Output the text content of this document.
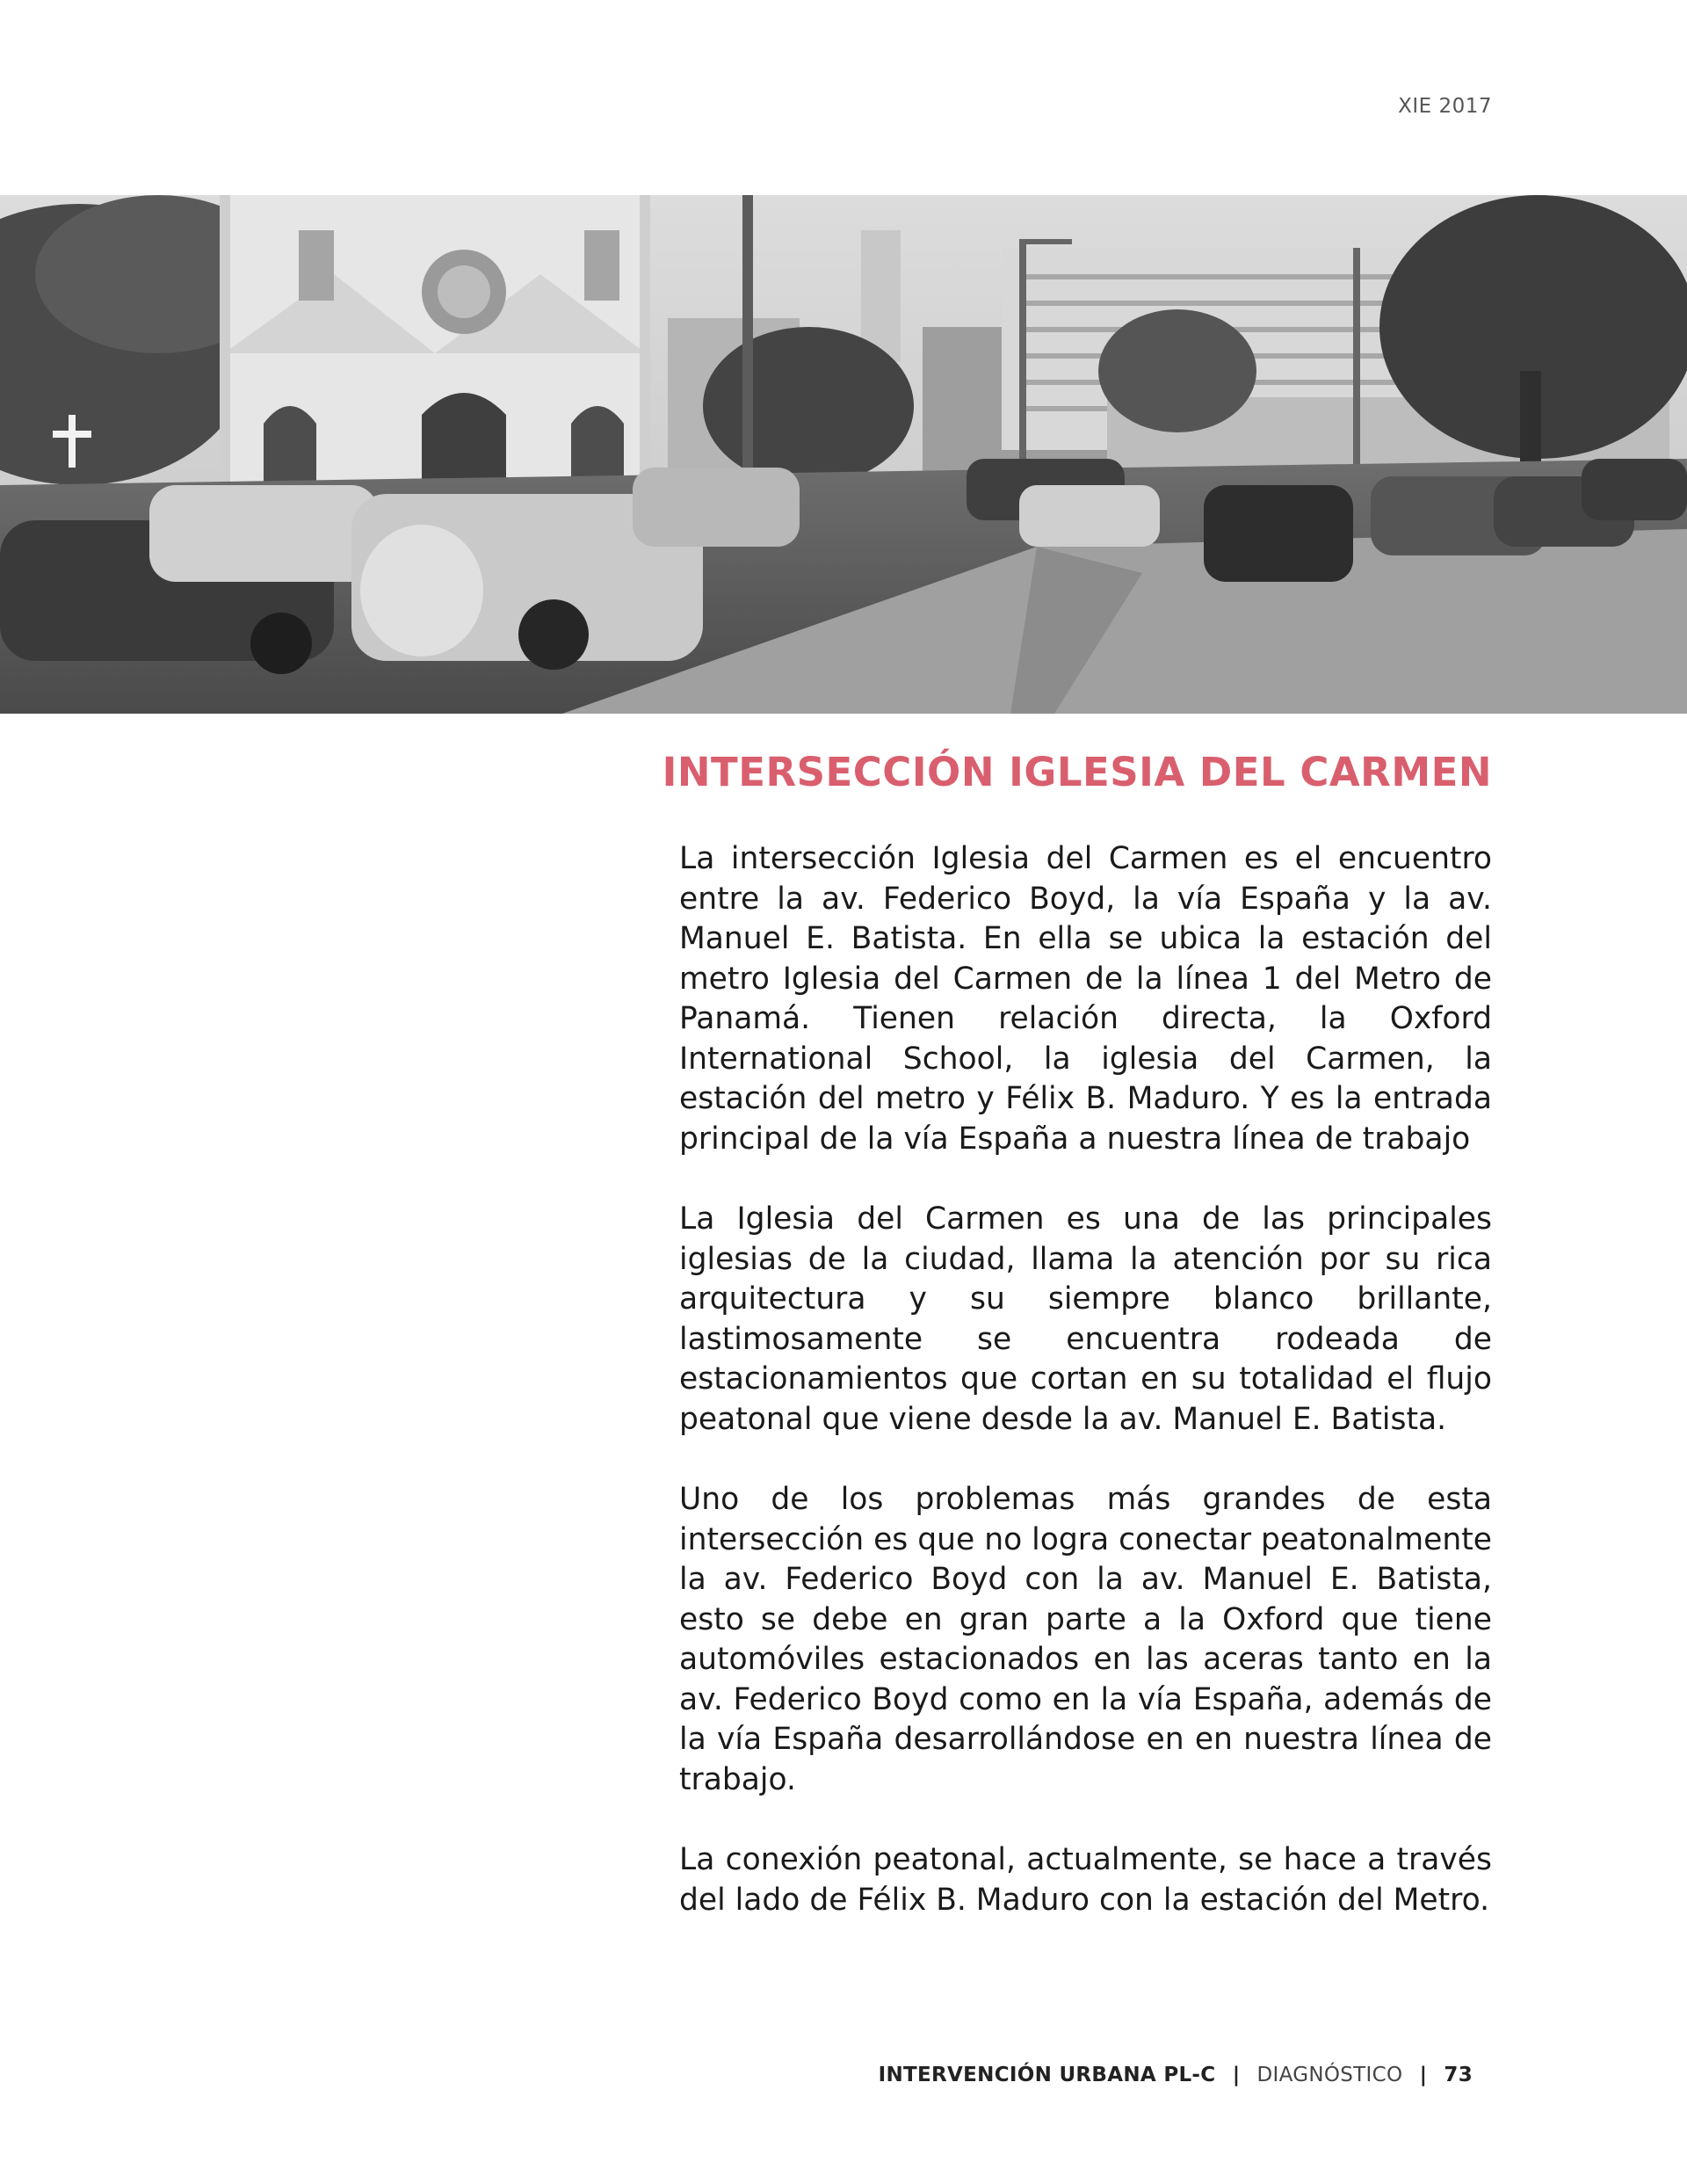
XIE 2017
INTERSECCIÓN IGLESIA DEL CARMEN

La intersección Iglesia del Carmen es el encuentro entre la av. Federico Boyd, la vía España y la av. Manuel E. Batista. En ella se ubica la estación del metro Iglesia del Carmen de la línea 1 del Metro de Panamá. Tienen relación directa, la Oxford International School, la iglesia del Carmen, la estación del metro y Félix B. Maduro. Y es la entrada principal de la vía España a nuestra línea de trabajo

La Iglesia del Carmen es una de las principales iglesias de la ciudad, llama la atención por su rica arquitectura y su siempre blanco brillante, lastimosamente se encuentra rodeada de estacionamientos que cortan en su totalidad el flujo peatonal que viene desde la av. Manuel E. Batista.

Uno de los problemas más grandes de esta intersección es que no logra conectar peatonalmente la av. Federico Boyd con la av. Manuel E. Batista, esto se debe en gran parte a la Oxford que tiene automóviles estacionados en las aceras tanto en la av. Federico Boyd como en la vía España, además de la vía España desarrollándose en en nuestra línea de trabajo.

La conexión peatonal, actualmente, se hace a través del lado de Félix B. Maduro con la estación del Metro.

INTERVENCIÓN URBANA PL-C | DIAGNÓSTICO | 73
